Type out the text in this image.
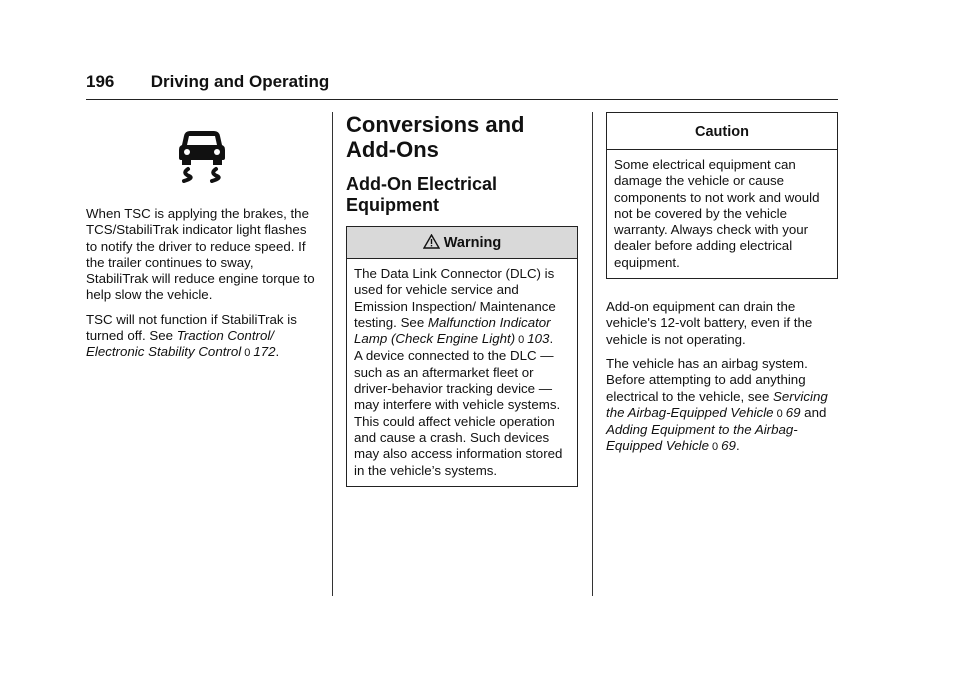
196 Driving and Operating

When TSC is applying the brakes, the TCS/StabiliTrak indicator light flashes to notify the driver to reduce speed. If the trailer continues to sway, StabiliTrak will reduce engine torque to help slow the vehicle.

TSC will not function if StabiliTrak is turned off. See Traction Control/ Electronic Stability Control 0 172.

Conversions and Add-Ons
Add-On Electrical Equipment
Warning

The Data Link Connector (DLC) is used for vehicle service and Emission Inspection/ Maintenance testing. See Malfunction Indicator Lamp (Check Engine Light) 0 103.

A device connected to the DLC — such as an aftermarket fleet or driver-behavior tracking device — may interfere with vehicle systems. This could affect vehicle operation and cause a crash. Such devices may also access information stored in the vehicle’s systems.

Caution

Some electrical equipment can damage the vehicle or cause components to not work and would not be covered by the vehicle warranty. Always check with your dealer before adding electrical equipment.

Add-on equipment can drain the vehicle's 12-volt battery, even if the vehicle is not operating.

The vehicle has an airbag system. Before attempting to add anything electrical to the vehicle, see Servicing the Airbag-Equipped Vehicle 0 69 and Adding Equipment to the Airbag-Equipped Vehicle 0 69.
